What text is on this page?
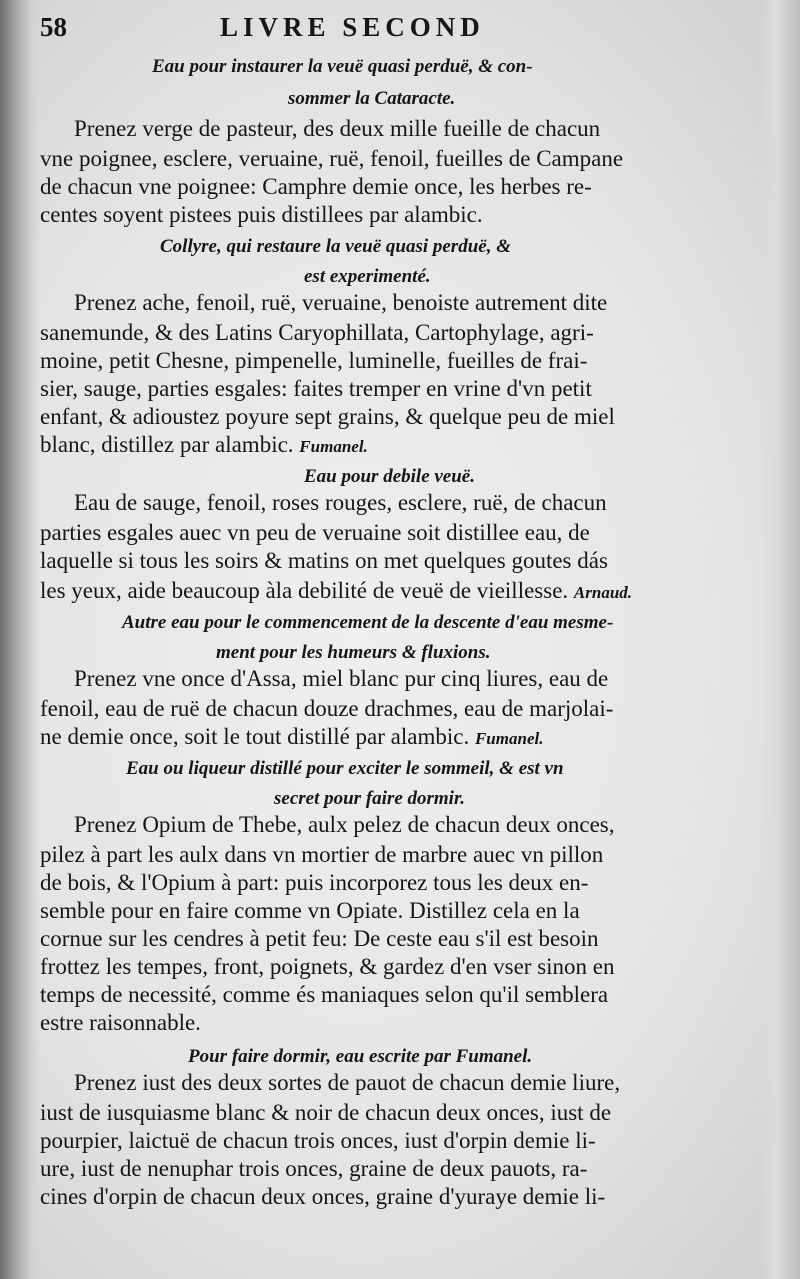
58	LIVRE SECOND
Eau pour instaurer la veuë quasi perduë, & con-
sommer la Cataracte.
Prenez verge de pasteur, des deux mille fueille de chacun
vne poignee, esclere, veruaine, ruë, fenoil, fueilles de Campane
de chacun vne poignee: Camphre demie once, les herbes re-
centes soyent pistees puis distillees par alambic.
Collyre, qui restaure la veuë quasi perduë, &
est experimenté.
Prenez ache, fenoil, ruë, veruaine, benoiste autrement dite
sanemunde, & des Latins Caryophillata, Cartophylage, agri-
moine, petit Chesne, pimpenelle, luminelle, fueilles de frai-
sier, sauge, parties esgales: faites tremper en vrine d'vn petit
enfant, & adioustez poyure sept grains, & quelque peu de miel
blanc, distillez par alambic. Fumanel.
Eau pour debile veuë.
Eau de sauge, fenoil, roses rouges, esclere, ruë, de chacun
parties esgales auec vn peu de veruaine soit distillee eau, de
laquelle si tous les soirs & matins on met quelques goutes dás
les yeux, aide beaucoup àla debilité de veuë de vieillesse. Arnaud.
Autre eau pour le commencement de la descente d'eau mesme-
ment pour les humeurs & fluxions.
Prenez vne once d'Assa, miel blanc pur cinq liures, eau de
fenoil, eau de ruë de chacun douze drachmes, eau de marjolai-
ne demie once, soit le tout distillé par alambic. Fumanel.
Eau ou liqueur distillé pour exciter le sommeil, & est vn
secret pour faire dormir.
Prenez Opium de Thebe, aulx pelez de chacun deux onces,
pilez à part les aulx dans vn mortier de marbre auec vn pillon
de bois, & l'Opium à part: puis incorporez tous les deux en-
semble pour en faire comme vn Opiate. Distillez cela en la
cornue sur les cendres à petit feu: De ceste eau s'il est besoin
frottez les tempes, front, poignets, & gardez d'en vser sinon en
temps de necessité, comme és maniaques selon qu'il semblera
estre raisonnable.
Pour faire dormir, eau escrite par Fumanel.
Prenez iust des deux sortes de pauot de chacun demie liure,
iust de iusquiasme blanc & noir de chacun deux onces, iust de
pourpier, laictuë de chacun trois onces, iust d'orpin demie li-
ure, iust de nenuphar trois onces, graine de deux pauots, ra-
cines d'orpin de chacun deux onces, graine d'yuraye demie li-
